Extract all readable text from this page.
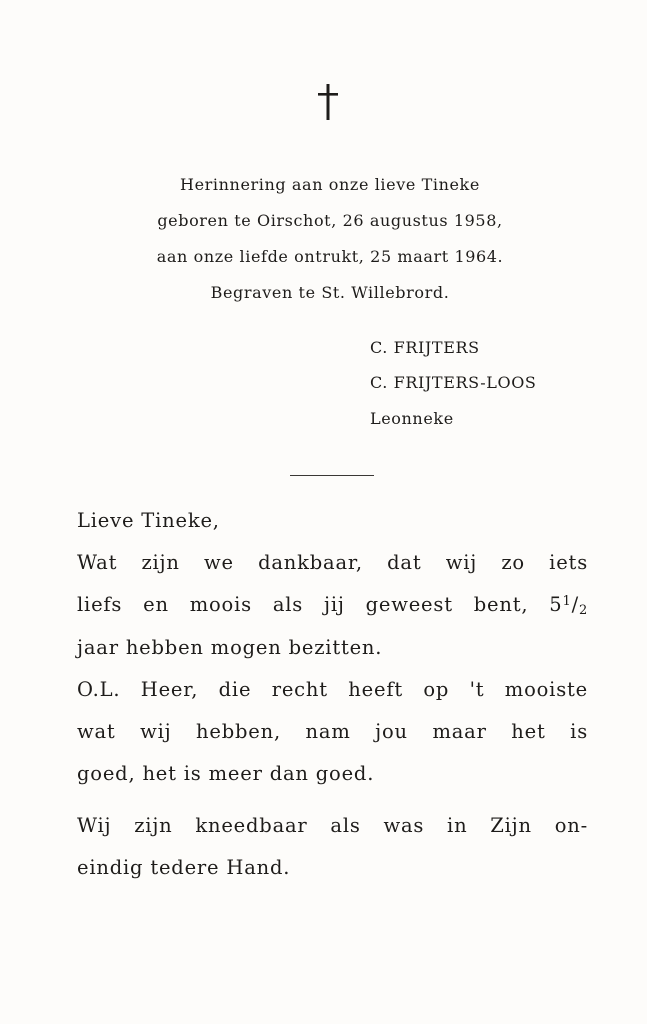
Herinnering aan onze lieve Tineke
geboren te Oirschot, 26 augustus 1958,
aan onze liefde ontrukt, 25 maart 1964.
Begraven te St. Willebrord.
C. FRIJTERS
C. FRIJTERS-LOOS
Leonneke
Lieve Tineke,
Wat zijn we dankbaar, dat wij zo iets
liefs en moois als jij geweest bent, $5^1/_2$
jaar hebben mogen bezitten.
O.L. Heer, die recht heeft op 't mooiste
wat wij hebben, nam jou maar het is
goed, het is meer dan goed.
Wij zijn kneedbaar als was in Zijn on-
eindig tedere Hand.
